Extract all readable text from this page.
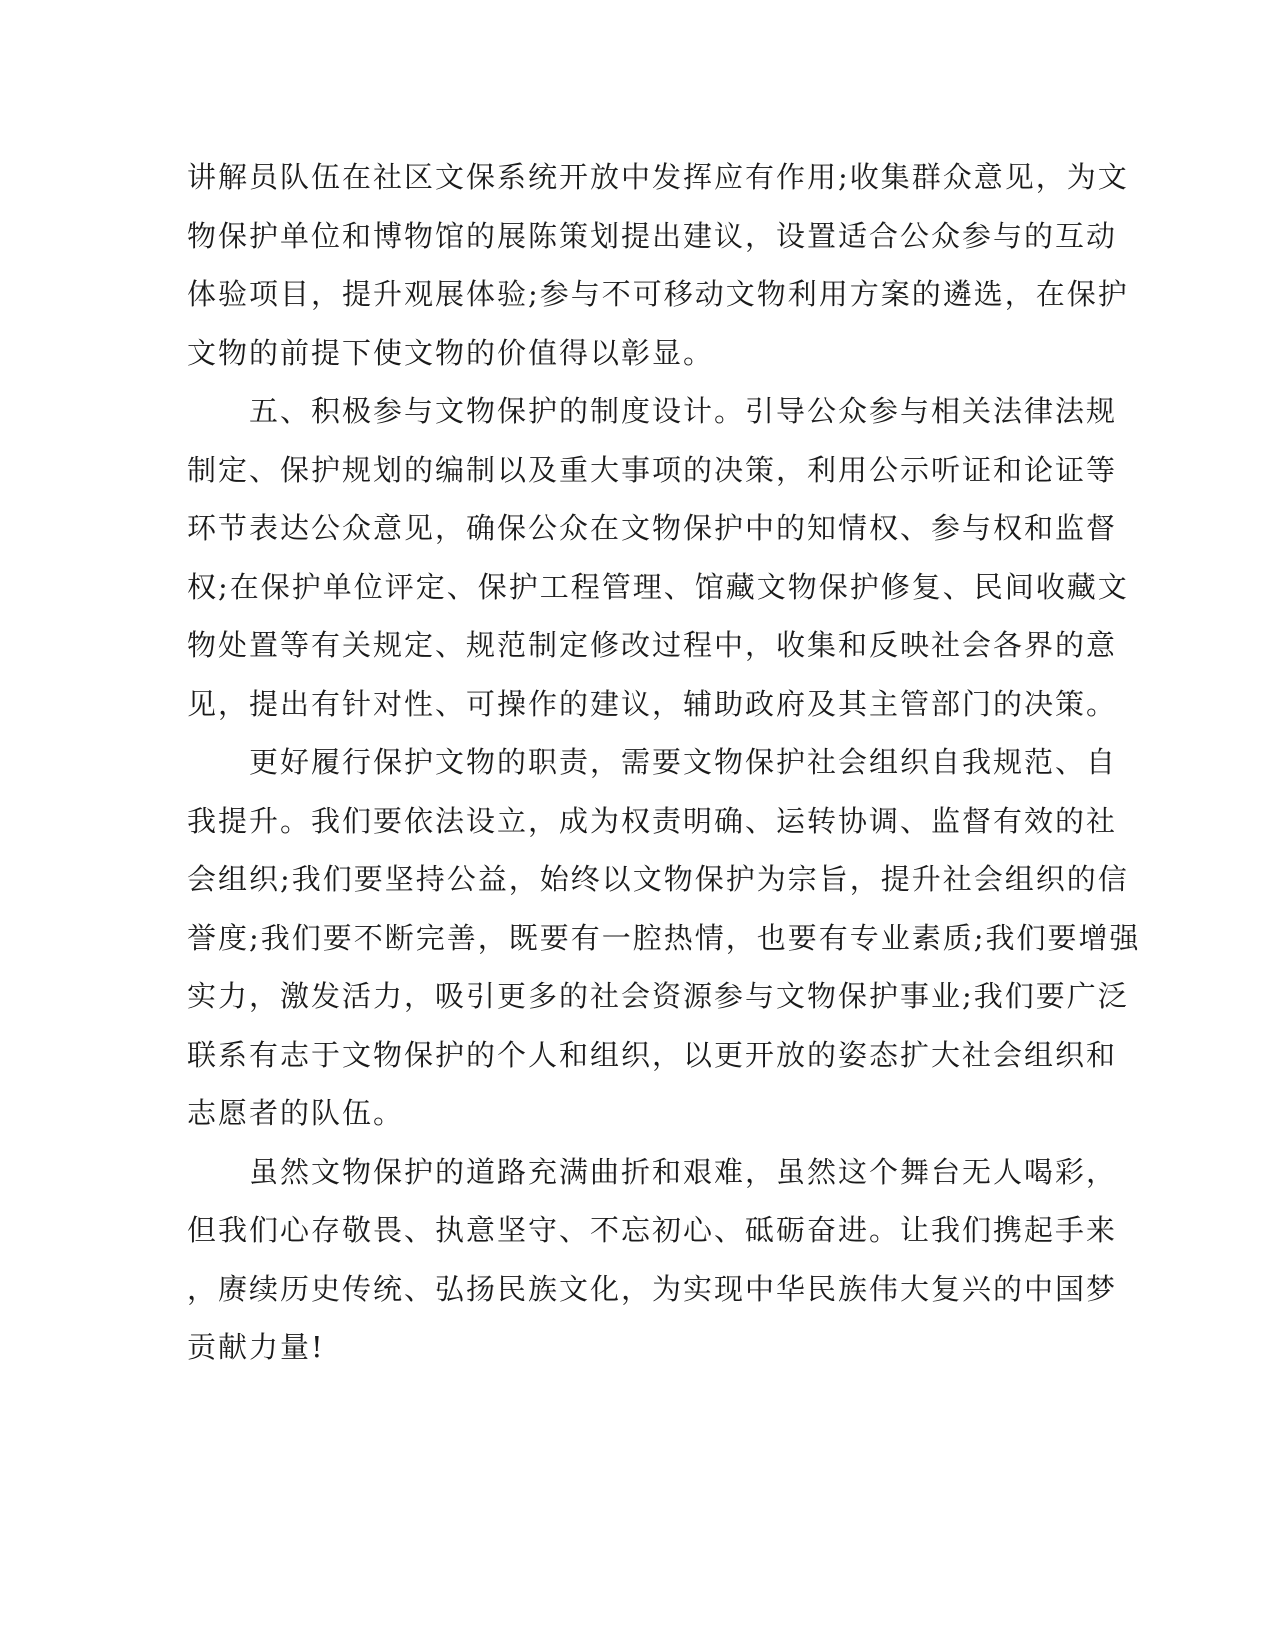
讲解员队伍在社区文保系统开放中发挥应有作用;收集群众意见，为文
物保护单位和博物馆的展陈策划提出建议，设置适合公众参与的互动
体验项目，提升观展体验;参与不可移动文物利用方案的遴选，在保护
文物的前提下使文物的价值得以彰显。
　　五、积极参与文物保护的制度设计。引导公众参与相关法律法规
制定、保护规划的编制以及重大事项的决策，利用公示听证和论证等
环节表达公众意见，确保公众在文物保护中的知情权、参与权和监督
权;在保护单位评定、保护工程管理、馆藏文物保护修复、民间收藏文
物处置等有关规定、规范制定修改过程中，收集和反映社会各界的意
见，提出有针对性、可操作的建议，辅助政府及其主管部门的决策。
　　更好履行保护文物的职责，需要文物保护社会组织自我规范、自
我提升。我们要依法设立，成为权责明确、运转协调、监督有效的社
会组织;我们要坚持公益，始终以文物保护为宗旨，提升社会组织的信
誉度;我们要不断完善，既要有一腔热情，也要有专业素质;我们要增强
实力，激发活力，吸引更多的社会资源参与文物保护事业;我们要广泛
联系有志于文物保护的个人和组织，以更开放的姿态扩大社会组织和
志愿者的队伍。
　　虽然文物保护的道路充满曲折和艰难，虽然这个舞台无人喝彩，
但我们心存敬畏、执意坚守、不忘初心、砥砺奋进。让我们携起手来
，赓续历史传统、弘扬民族文化，为实现中华民族伟大复兴的中国梦
贡献力量!
